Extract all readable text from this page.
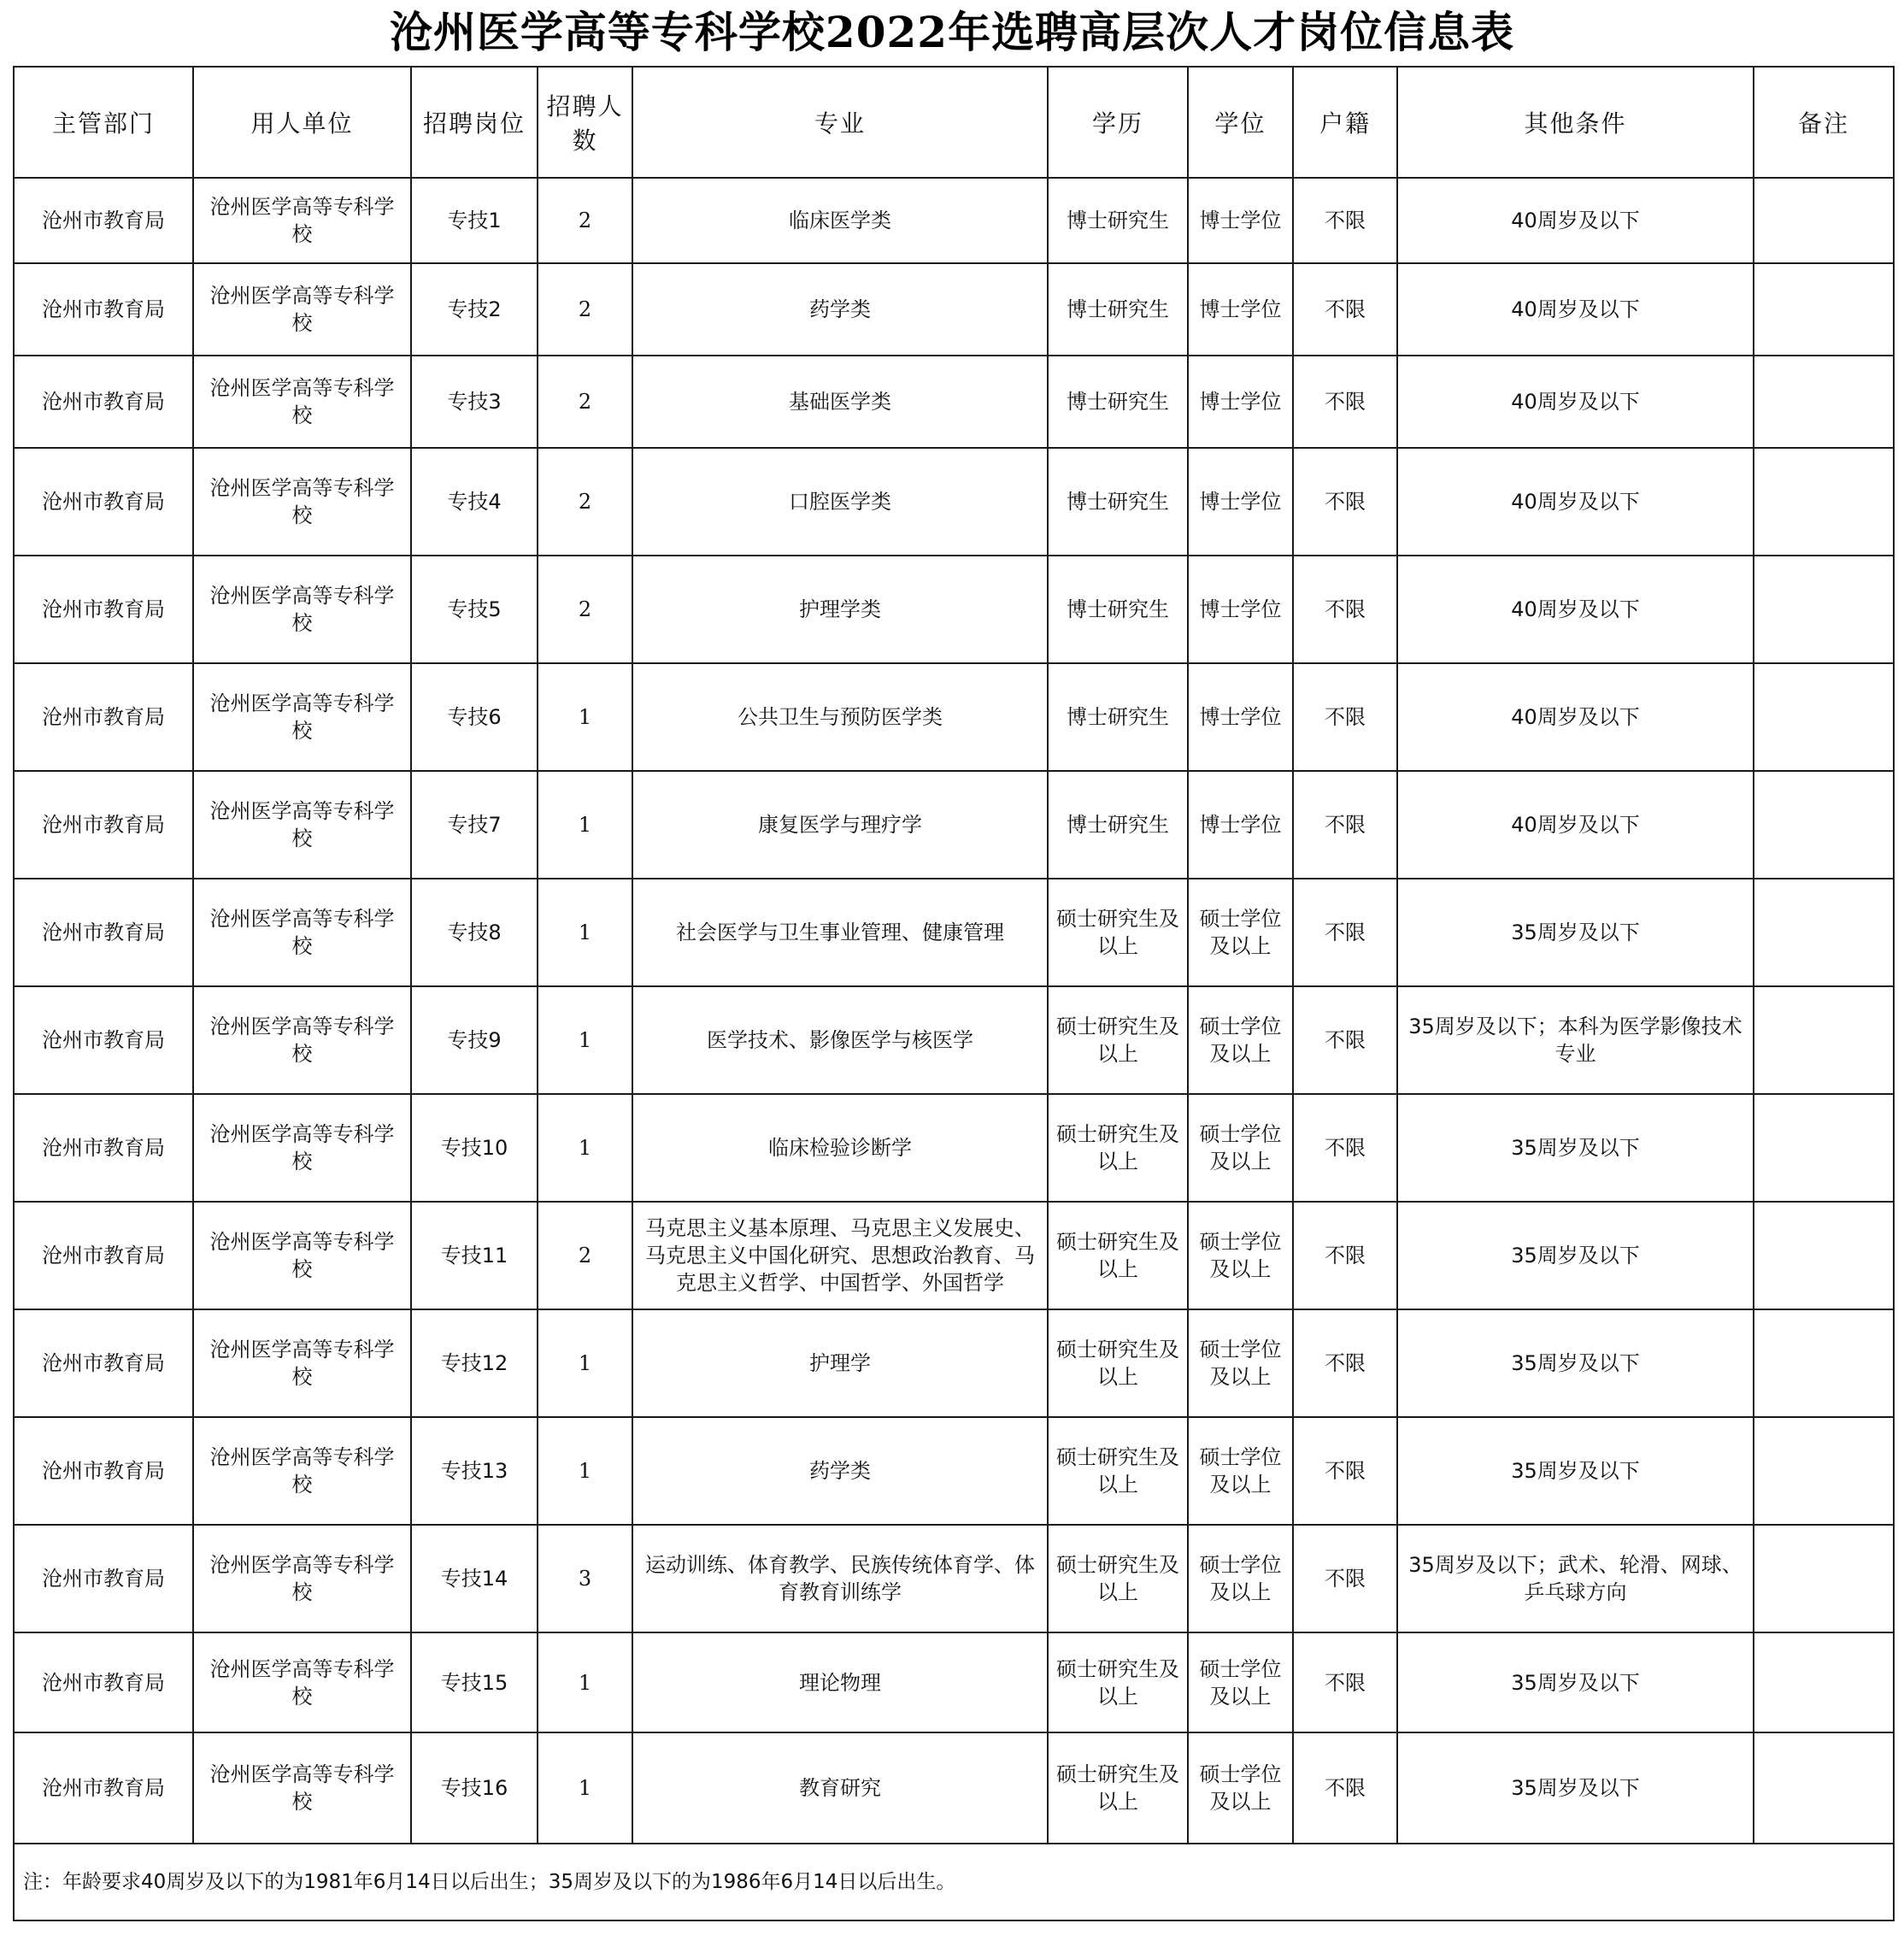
沧州医学高等专科学校2022年选聘高层次人才岗位信息表
主管部门	用人单位	招聘岗位	招聘人数	专业	学历	学位	户籍	其他条件	备注
沧州市教育局	沧州医学高等专科学校	专技1	2	临床医学类	博士研究生	博士学位	不限	40周岁及以下	
沧州市教育局	沧州医学高等专科学校	专技2	2	药学类	博士研究生	博士学位	不限	40周岁及以下	
沧州市教育局	沧州医学高等专科学校	专技3	2	基础医学类	博士研究生	博士学位	不限	40周岁及以下	
沧州市教育局	沧州医学高等专科学校	专技4	2	口腔医学类	博士研究生	博士学位	不限	40周岁及以下	
沧州市教育局	沧州医学高等专科学校	专技5	2	护理学类	博士研究生	博士学位	不限	40周岁及以下	
沧州市教育局	沧州医学高等专科学校	专技6	1	公共卫生与预防医学类	博士研究生	博士学位	不限	40周岁及以下	
沧州市教育局	沧州医学高等专科学校	专技7	1	康复医学与理疗学	博士研究生	博士学位	不限	40周岁及以下	
沧州市教育局	沧州医学高等专科学校	专技8	1	社会医学与卫生事业管理、健康管理	硕士研究生及以上	硕士学位及以上	不限	35周岁及以下	
沧州市教育局	沧州医学高等专科学校	专技9	1	医学技术、影像医学与核医学	硕士研究生及以上	硕士学位及以上	不限	35周岁及以下；本科为医学影像技术专业	
沧州市教育局	沧州医学高等专科学校	专技10	1	临床检验诊断学	硕士研究生及以上	硕士学位及以上	不限	35周岁及以下	
沧州市教育局	沧州医学高等专科学校	专技11	2	马克思主义基本原理、马克思主义发展史、马克思主义中国化研究、思想政治教育、马克思主义哲学、中国哲学、外国哲学	硕士研究生及以上	硕士学位及以上	不限	35周岁及以下	
沧州市教育局	沧州医学高等专科学校	专技12	1	护理学	硕士研究生及以上	硕士学位及以上	不限	35周岁及以下	
沧州市教育局	沧州医学高等专科学校	专技13	1	药学类	硕士研究生及以上	硕士学位及以上	不限	35周岁及以下	
沧州市教育局	沧州医学高等专科学校	专技14	3	运动训练、体育教学、民族传统体育学、体育教育训练学	硕士研究生及以上	硕士学位及以上	不限	35周岁及以下；武术、轮滑、网球、乒乓球方向	
沧州市教育局	沧州医学高等专科学校	专技15	1	理论物理	硕士研究生及以上	硕士学位及以上	不限	35周岁及以下	
沧州市教育局	沧州医学高等专科学校	专技16	1	教育研究	硕士研究生及以上	硕士学位及以上	不限	35周岁及以下	
注：年龄要求40周岁及以下的为1981年6月14日以后出生；35周岁及以下的为1986年6月14日以后出生。									
